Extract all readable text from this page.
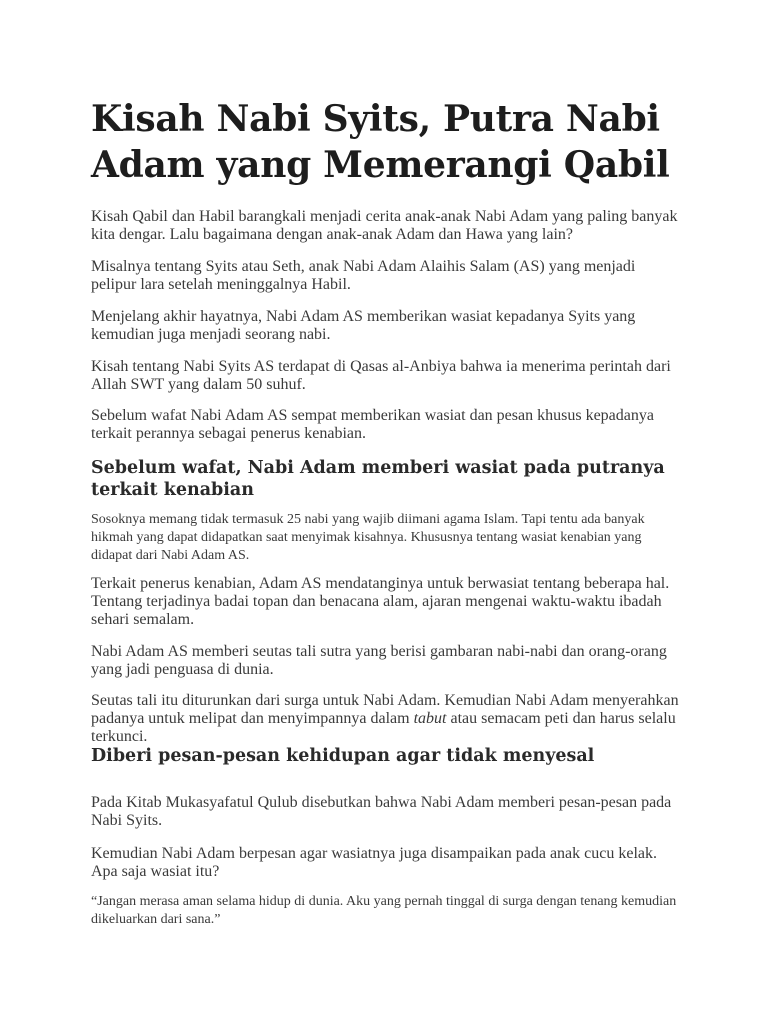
Kisah Nabi Syits, Putra Nabi Adam yang Memerangi Qabil

Kisah Qabil dan Habil barangkali menjadi cerita anak-anak Nabi Adam yang paling banyak kita dengar. Lalu bagaimana dengan anak-anak Adam dan Hawa yang lain?

Misalnya tentang Syits atau Seth, anak Nabi Adam Alaihis Salam (AS) yang menjadi pelipur lara setelah meninggalnya Habil.

Menjelang akhir hayatnya, Nabi Adam AS memberikan wasiat kepadanya Syits yang kemudian juga menjadi seorang nabi.

Kisah tentang Nabi Syits AS terdapat di Qasas al-Anbiya bahwa ia menerima perintah dari Allah SWT yang dalam 50 suhuf.

Sebelum wafat Nabi Adam AS sempat memberikan wasiat dan pesan khusus kepadanya terkait perannya sebagai penerus kenabian.

Sebelum wafat, Nabi Adam memberi wasiat pada putranya terkait kenabian

Sosoknya memang tidak termasuk 25 nabi yang wajib diimani agama Islam. Tapi tentu ada banyak hikmah yang dapat didapatkan saat menyimak kisahnya. Khususnya tentang wasiat kenabian yang didapat dari Nabi Adam AS.

Terkait penerus kenabian, Adam AS mendatanginya untuk berwasiat tentang beberapa hal. Tentang terjadinya badai topan dan benacana alam, ajaran mengenai waktu-waktu ibadah sehari semalam.

Nabi Adam AS memberi seutas tali sutra yang berisi gambaran nabi-nabi dan orang-orang yang jadi penguasa di dunia.

Seutas tali itu diturunkan dari surga untuk Nabi Adam. Kemudian Nabi Adam menyerahkan padanya untuk melipat dan menyimpannya dalam tabut atau semacam peti dan harus selalu terkunci.

Diberi pesan-pesan kehidupan agar tidak menyesal

Pada Kitab Mukasyafatul Qulub disebutkan bahwa Nabi Adam memberi pesan-pesan pada Nabi Syits.

Kemudian Nabi Adam berpesan agar wasiatnya juga disampaikan pada anak cucu kelak. Apa saja wasiat itu?

“Jangan merasa aman selama hidup di dunia. Aku yang pernah tinggal di surga dengan tenang kemudian dikeluarkan dari sana.”
